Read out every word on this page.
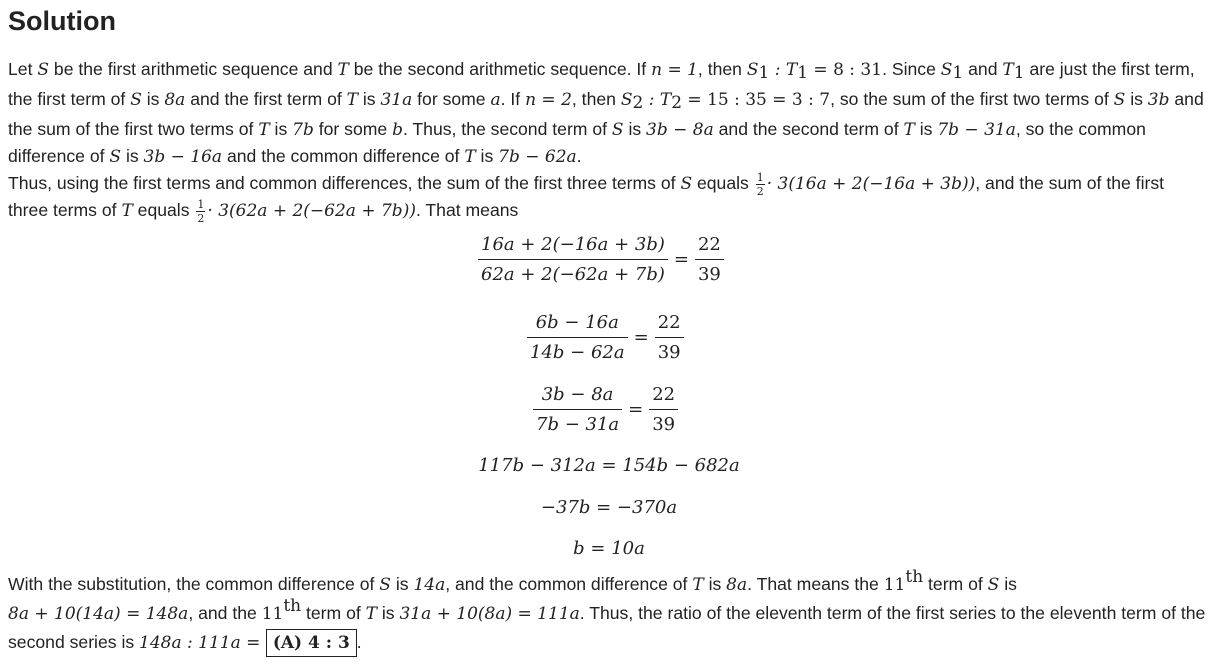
Solution

Let S be the first arithmetic sequence and T be the second arithmetic sequence. If n = 1, then $S_1$ : $T_1 = 8$ : 31. Since $S_1$ and $T_1$ are just the first term, the first term of S is 8a and the first term of T is 31a for some a. If n = 2, then $S_2$ : $T_2 = 15$ : 35 = 3 : 7, so the sum of the first two terms of S is 3b and the sum of the first two terms of T is 7b for some b. Thus, the second term of S is 3b − 8a and the second term of T is 7b − 31a, so the common difference of S is 3b − 16a and the common difference of T is 7b − 62a.

Thus, using the first terms and common differences, the sum of the first three terms of S equals $\frac{1}{2} \cdot 3(16a + 2(-16a + 3b))$, and the sum of the first three terms of T equals $\frac{1}{2} \cdot 3(62a + 2(-62a + 7b))$. That means

$\frac{16a + 2(-16a + 3b)}{62a + 2(-62a + 7b)} = \frac{22}{39}$
$\frac{6b - 16a}{14b - 62a} = \frac{22}{39}$
$\frac{3b - 8a}{7b - 31a} = \frac{22}{39}$
117b − 312a = 154b − 682a
−37b = −370a
b = 10a

With the substitution, the common difference of S is 14a, and the common difference of T is 8a. That means the 11th term of S is
8a + 10(14a) = 148a, and the 11th term of T is 31a + 10(8a) = 111a. Thus, the ratio of the eleventh term of the first series to the eleventh term of the second series is 148a : 111a = (A) 4 : 3 .
